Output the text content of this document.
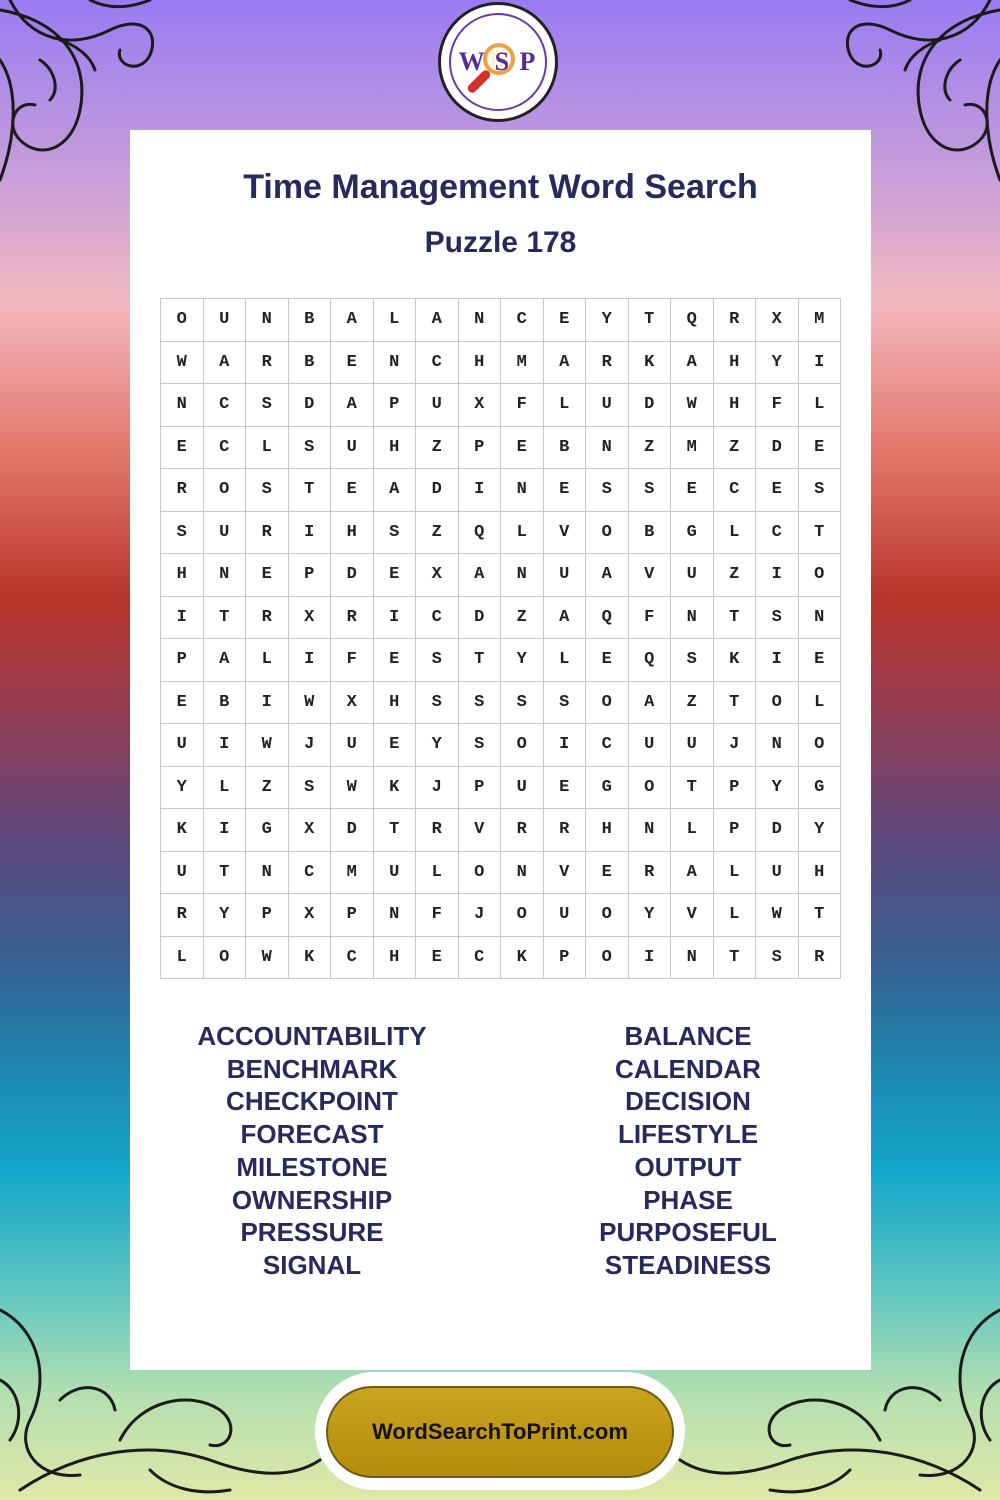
W S P
Time Management Word Search
Puzzle 178
O	U	N	B	A	L	A	N	C	E	Y	T	Q	R	X	M
W	A	R	B	E	N	C	H	M	A	R	K	A	H	Y	I
N	C	S	D	A	P	U	X	F	L	U	D	W	H	F	L
E	C	L	S	U	H	Z	P	E	B	N	Z	M	Z	D	E
R	O	S	T	E	A	D	I	N	E	S	S	E	C	E	S
S	U	R	I	H	S	Z	Q	L	V	O	B	G	L	C	T
H	N	E	P	D	E	X	A	N	U	A	V	U	Z	I	O
I	T	R	X	R	I	C	D	Z	A	Q	F	N	T	S	N
P	A	L	I	F	E	S	T	Y	L	E	Q	S	K	I	E
E	B	I	W	X	H	S	S	S	S	O	A	Z	T	O	L
U	I	W	J	U	E	Y	S	O	I	C	U	U	J	N	O
Y	L	Z	S	W	K	J	P	U	E	G	O	T	P	Y	G
K	I	G	X	D	T	R	V	R	R	H	N	L	P	D	Y
U	T	N	C	M	U	L	O	N	V	E	R	A	L	U	H
R	Y	P	X	P	N	F	J	O	U	O	Y	V	L	W	T
L	O	W	K	C	H	E	C	K	P	O	I	N	T	S	R
ACCOUNTABILITY
BENCHMARK
CHECKPOINT
FORECAST
MILESTONE
OWNERSHIP
PRESSURE
SIGNAL
BALANCE
CALENDAR
DECISION
LIFESTYLE
OUTPUT
PHASE
PURPOSEFUL
STEADINESS
WordSearchToPrint.com
